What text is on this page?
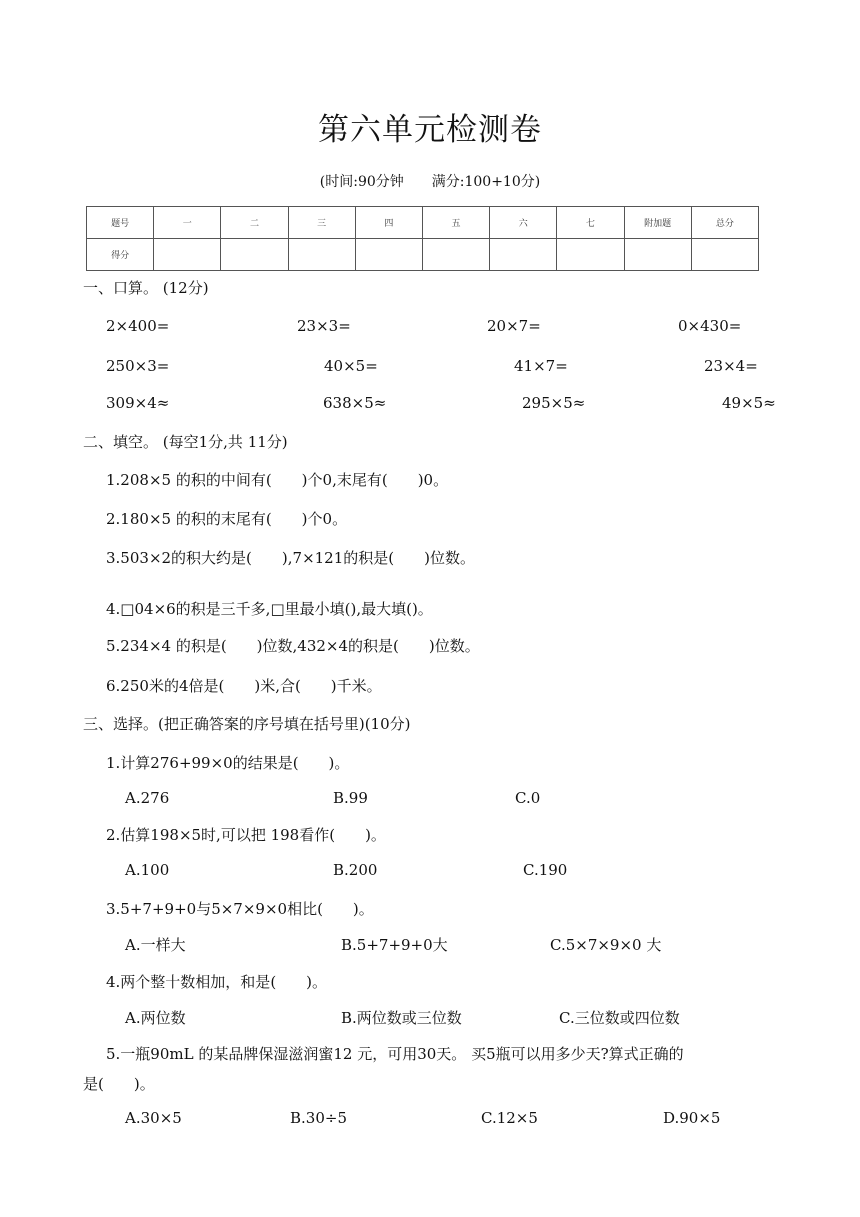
第六单元检测卷
(时间:90分钟 满分:100+10分)
题号	一	二	三	四	五	六	七	附加题	总分
得分									
一、口算。 (12分)
2×400=	23×3=	20×7=	0×430=
250×3=	40×5=	41×7=	23×4=
309×4≈	638×5≈	295×5≈	49×5≈
二、填空。 (每空1分,共 11分)
1.208×5 的积的中间有(　　)个0,末尾有(　　)0。
2.180×5 的积的末尾有(　　)个0。
3.503×2的积大约是(　　),7×121的积是(　　)位数。
4.□04×6的积是三千多,□里最小填(),最大填()。
5.234×4 的积是(　　)位数,432×4的积是(　　)位数。
6.250米的4倍是(　　)米,合(　　)千米。
三、选择。(把正确答案的序号填在括号里)(10分)
1.计算276+99×0的结果是(　　)。
A.276	B.99	C.0
2.估算198×5时,可以把 198看作(　　)。
A.100	B.200	C.190
3.5+7+9+0与5×7×9×0相比(　　)。
A.一样大	B.5+7+9+0大	C.5×7×9×0 大
4.两个整十数相加，和是(　　)。
A.两位数	B.两位数或三位数	C.三位数或四位数
5.一瓶90mL 的某品牌保湿滋润蜜12 元，可用30天。 买5瓶可以用多少天?算式正确的
是(　　)。
A.30×5	B.30÷5	C.12×5	D.90×5
